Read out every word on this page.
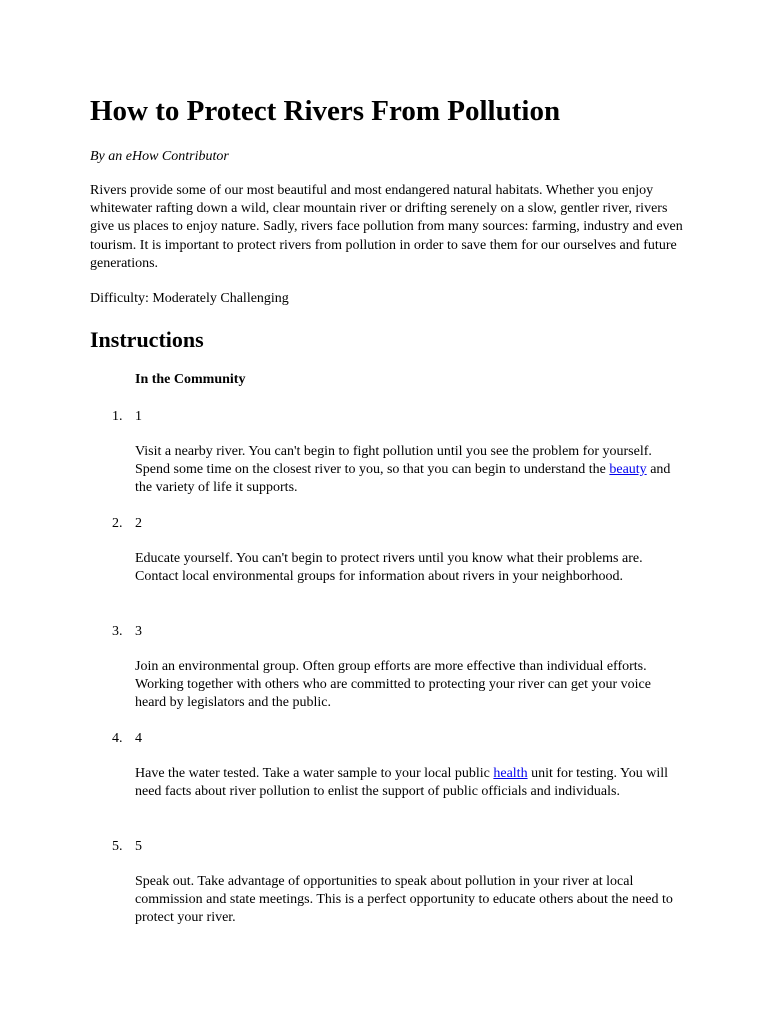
How to Protect Rivers From Pollution

By an eHow Contributor

Rivers provide some of our most beautiful and most endangered natural habitats. Whether you enjoy whitewater rafting down a wild, clear mountain river or drifting serenely on a slow, gentler river, rivers give us places to enjoy nature. Sadly, rivers face pollution from many sources: farming, industry and even tourism. It is important to protect rivers from pollution in order to save them for our ourselves and future generations.

Difficulty: Moderately Challenging

Instructions

In the Community

1. 1

Visit a nearby river. You can't begin to fight pollution until you see the problem for yourself. Spend some time on the closest river to you, so that you can begin to understand the beauty and the variety of life it supports.

2. 2

Educate yourself. You can't begin to protect rivers until you know what their problems are. Contact local environmental groups for information about rivers in your neighborhood.

3. 3

Join an environmental group. Often group efforts are more effective than individual efforts. Working together with others who are committed to protecting your river can get your voice heard by legislators and the public.

4. 4

Have the water tested. Take a water sample to your local public health unit for testing. You will need facts about river pollution to enlist the support of public officials and individuals.

5. 5

Speak out. Take advantage of opportunities to speak about pollution in your river at local commission and state meetings. This is a perfect opportunity to educate others about the need to protect your river.
